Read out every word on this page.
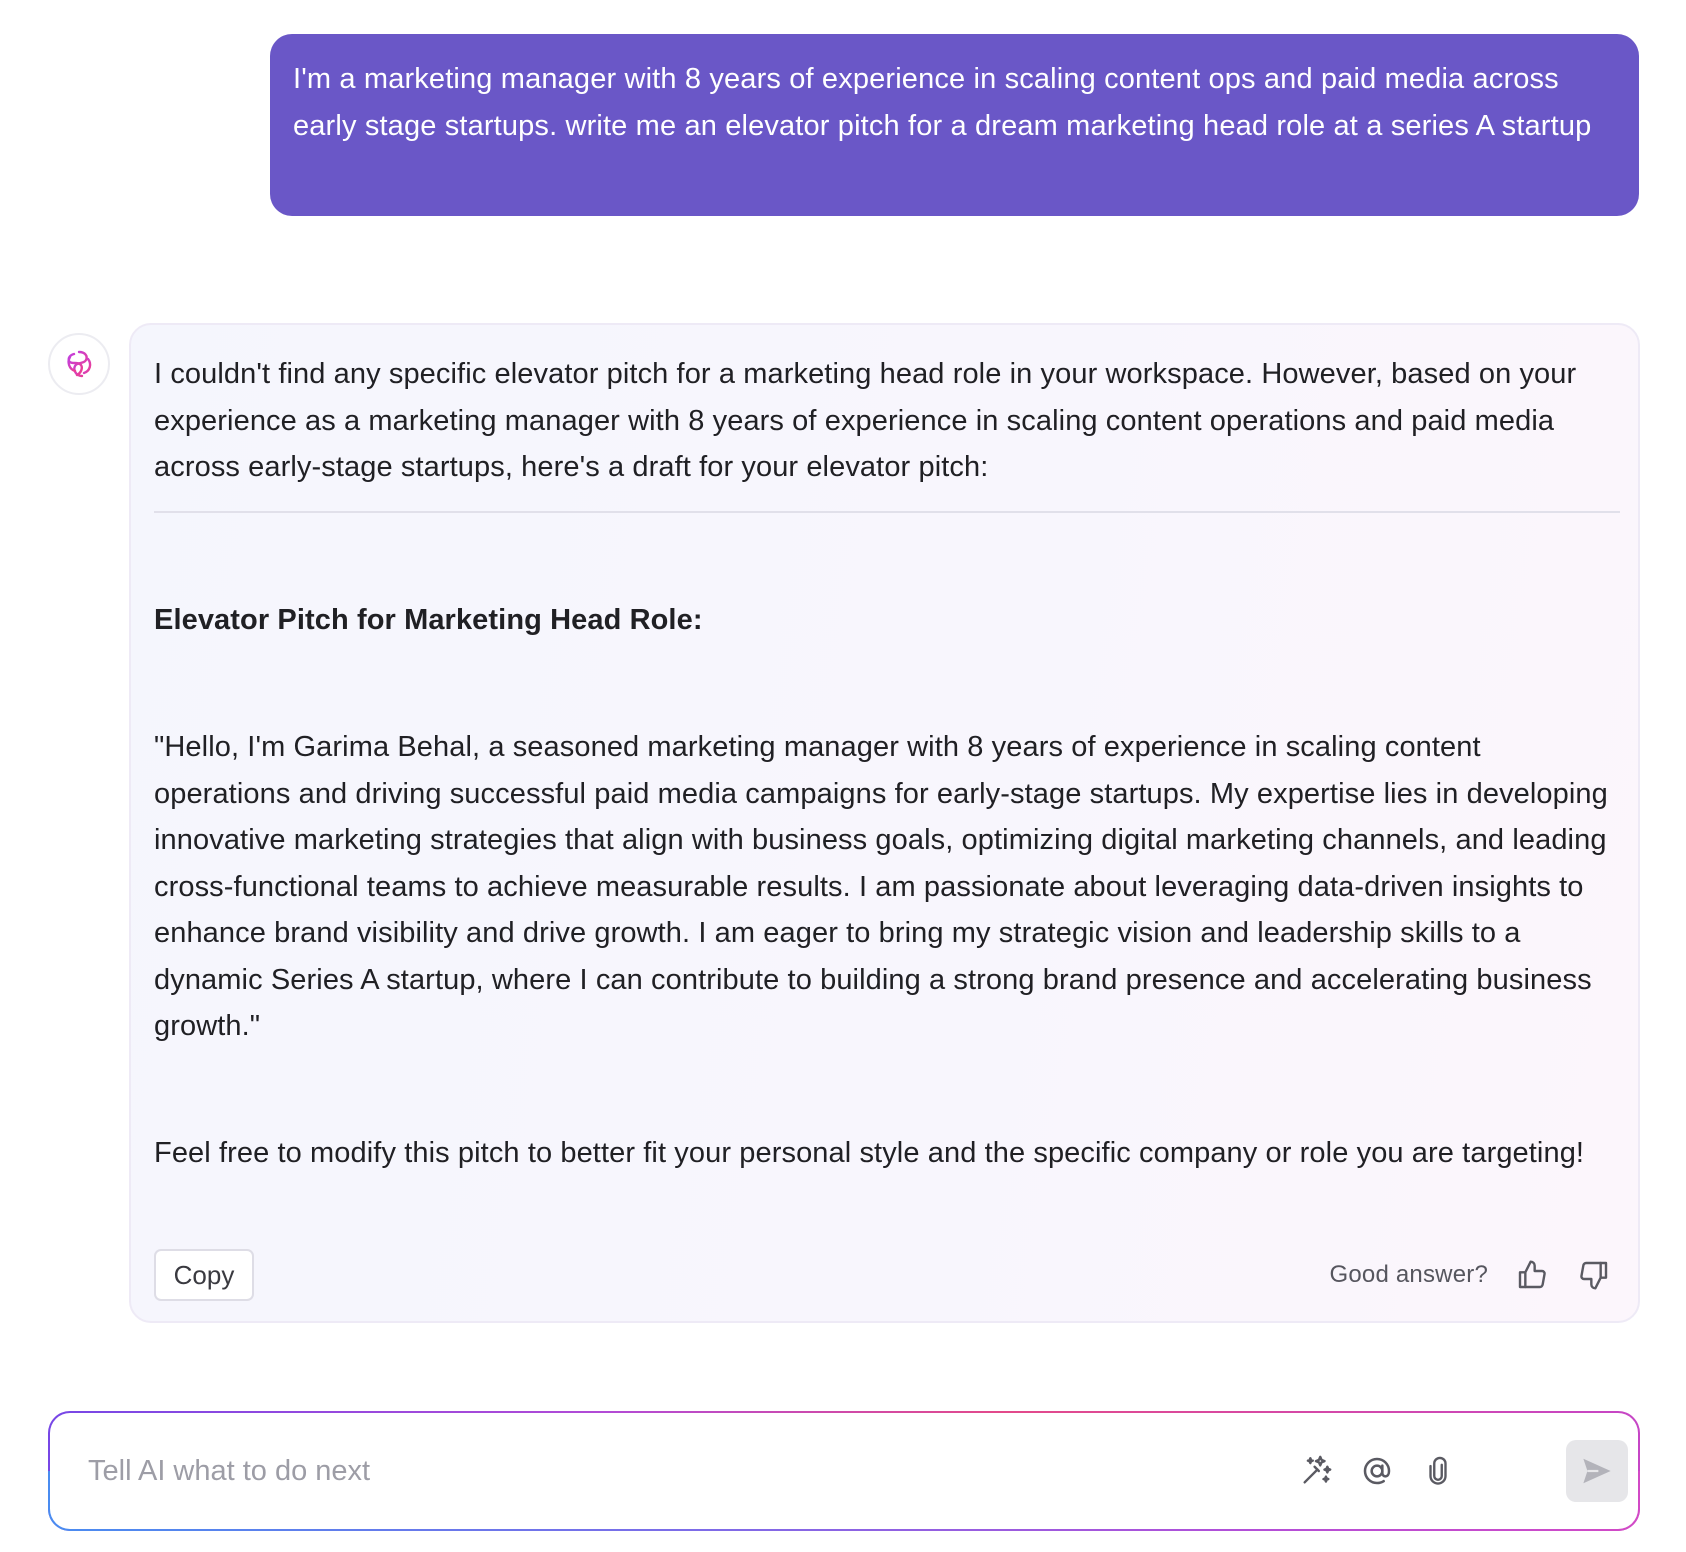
I'm a marketing manager with 8 years of experience in scaling content ops and paid media across early stage startups. write me an elevator pitch for a dream marketing head role at a series A startup

I couldn't find any specific elevator pitch for a marketing head role in your workspace. However, based on your experience as a marketing manager with 8 years of experience in scaling content operations and paid media across early-stage startups, here's a draft for your elevator pitch:

Elevator Pitch for Marketing Head Role:

"Hello, I'm Garima Behal, a seasoned marketing manager with 8 years of experience in scaling content operations and driving successful paid media campaigns for early-stage startups. My expertise lies in developing innovative marketing strategies that align with business goals, optimizing digital marketing channels, and leading cross-functional teams to achieve measurable results. I am passionate about leveraging data-driven insights to enhance brand visibility and drive growth. I am eager to bring my strategic vision and leadership skills to a dynamic Series A startup, where I can contribute to building a strong brand presence and accelerating business growth."

Feel free to modify this pitch to better fit your personal style and the specific company or role you are targeting!

Copy	Good answer?
Tell AI what to do next
